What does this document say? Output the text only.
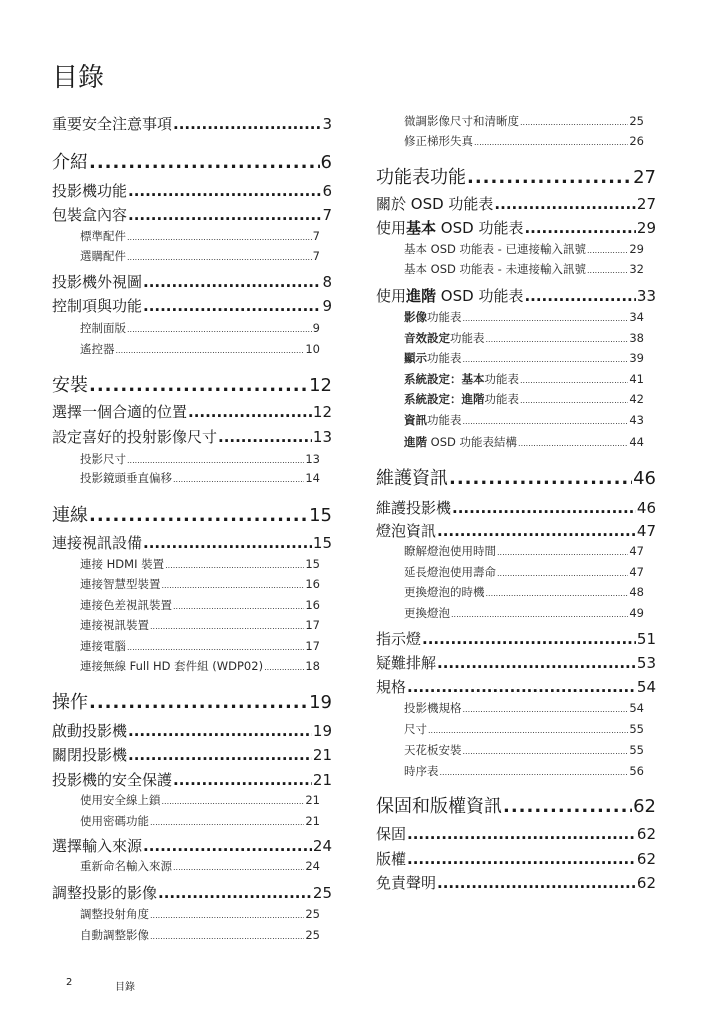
目錄
重要安全注意事項 .....	3
介紹 .....	6
投影機功能 .....	6
包裝盒內容 .....	7
標準配件 .....	7
選購配件 .....	7
投影機外視圖 .....	8
控制項與功能 .....	9
控制面版 .....	9
遙控器 .....	10
安裝 .....	12
選擇一個合適的位置 .....	12
設定喜好的投射影像尺寸 .....	13
投影尺寸 .....	13
投影鏡頭垂直偏移 .....	14
連線 .....	15
連接視訊設備 .....	15
連接 HDMI 裝置 .....	15
連接智慧型裝置 .....	16
連接色差視訊裝置 .....	16
連接視訊裝置 .....	17
連接電腦 .....	17
連接無線 Full HD 套件組 (WDP02) .....	18
操作 .....	19
啟動投影機 .....	19
關閉投影機 .....	21
投影機的安全保護 .....	21
使用安全線上鎖 .....	21
使用密碼功能 .....	21
選擇輸入來源 .....	24
重新命名輸入來源 .....	24
調整投影的影像 .....	25
調整投射角度 .....	25
自動調整影像 .....	25
微調影像尺寸和清晰度 .....	25
修正梯形失真 .....	26
功能表功能 .....	27
關於 OSD 功能表 .....	27
使用基本 OSD 功能表 .....	29
基本 OSD 功能表 - 已連接輸入訊號 .....	29
基本 OSD 功能表 - 未連接輸入訊號 .....	32
使用進階 OSD 功能表 .....	33
影像功能表 .....	34
音效設定功能表 .....	38
顯示功能表 .....	39
系統設定：基本功能表 .....	41
系統設定：進階功能表 .....	42
資訊功能表 .....	43
進階 OSD 功能表結構 .....	44
維護資訊 .....	46
維護投影機 .....	46
燈泡資訊 .....	47
瞭解燈泡使用時間 .....	47
延長燈泡使用壽命 .....	47
更換燈泡的時機 .....	48
更換燈泡 .....	49
指示燈 .....	51
疑難排解 .....	53
規格 .....	54
投影機規格 .....	54
尺寸 .....	55
天花板安裝 .....	55
時序表 .....	56
保固和版權資訊 .....	62
保固 .....	62
版權 .....	62
免責聲明 .....	62
2	目錄
